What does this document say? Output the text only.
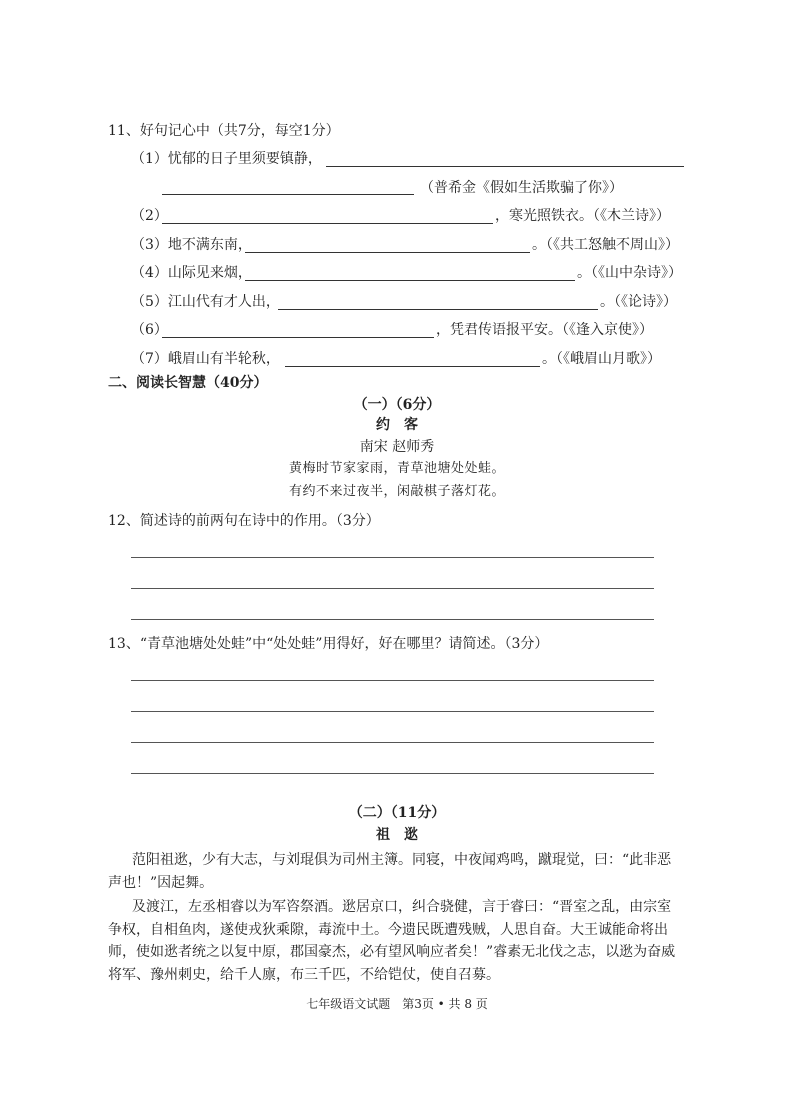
11、好句记心中（共7分，每空1分）
（1）忧郁的日子里须要镇静，
（普希金《假如生活欺骗了你》）
（2）	，寒光照铁衣。（《木兰诗》）
（3）地不满东南，	。（《共工怒触不周山》）
（4）山际见来烟，	。（《山中杂诗》）
（5）江山代有才人出，	。（《论诗》）
（6）	，凭君传语报平安。（《逢入京使》）
（7）峨眉山有半轮秋，	。（《峨眉山月歌》）
二、阅读长智慧（40分）
（一）（6分）
约　客
南宋 赵师秀
黄梅时节家家雨，青草池塘处处蛙。
有约不来过夜半，闲敲棋子落灯花。
12、简述诗的前两句在诗中的作用。（3分）
13、“青草池塘处处蛙”中“处处蛙”用得好，好在哪里？请简述。（3分）
（二）（11分）
祖　逖
范阳祖逖，少有大志，与刘琨俱为司州主簿。同寝，中夜闻鸡鸣，蹴琨觉，曰：“此非恶声也！”因起舞。
及渡江，左丞相睿以为军咨祭酒。逖居京口，纠合骁健，言于睿曰：“晋室之乱，由宗室争权，自相鱼肉，遂使戎狄乘隙，毒流中土。今遗民既遭残贼，人思自奋。大王诚能命将出师，使如逖者统之以复中原，郡国豪杰，必有望风响应者矣！”睿素无北伐之志，以逖为奋威将军、豫州刺史，给千人廪，布三千匹，不给铠仗，使自召募。
七年级语文试题　第3页 • 共 8 页
